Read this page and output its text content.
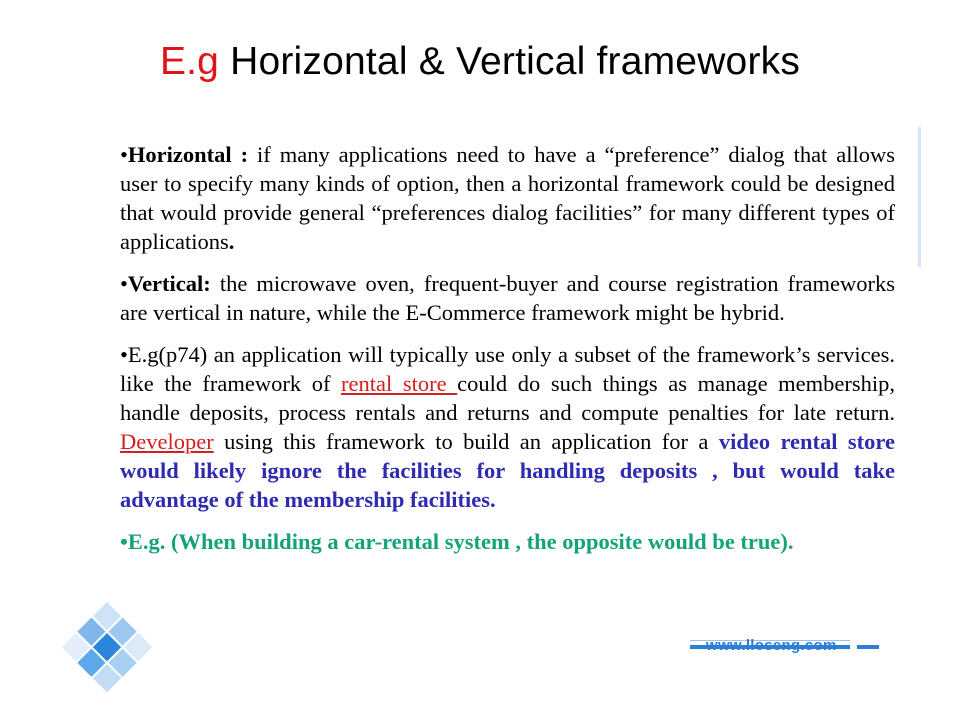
E.g Horizontal & Vertical frameworks

•Horizontal : if many applications need to have a “preference” dialog that allows user to specify many kinds of option, then a horizontal framework could be designed that would provide general “preferences dialog facilities” for many different types of applications.

•Vertical: the microwave oven, frequent-buyer and course registration frameworks are vertical in nature, while the E-Commerce framework might be hybrid.

•E.g(p74) an application will typically use only a subset of the framework’s services. like the framework of rental store could do such things as manage membership, handle deposits, process rentals and returns and compute penalties for late return. Developer using this framework to build an application for a video rental store would likely ignore the facilities for handling deposits , but would take advantage of the membership facilities.

•E.g. (When building a car-rental system , the opposite would be true).

www.lloseng.com
